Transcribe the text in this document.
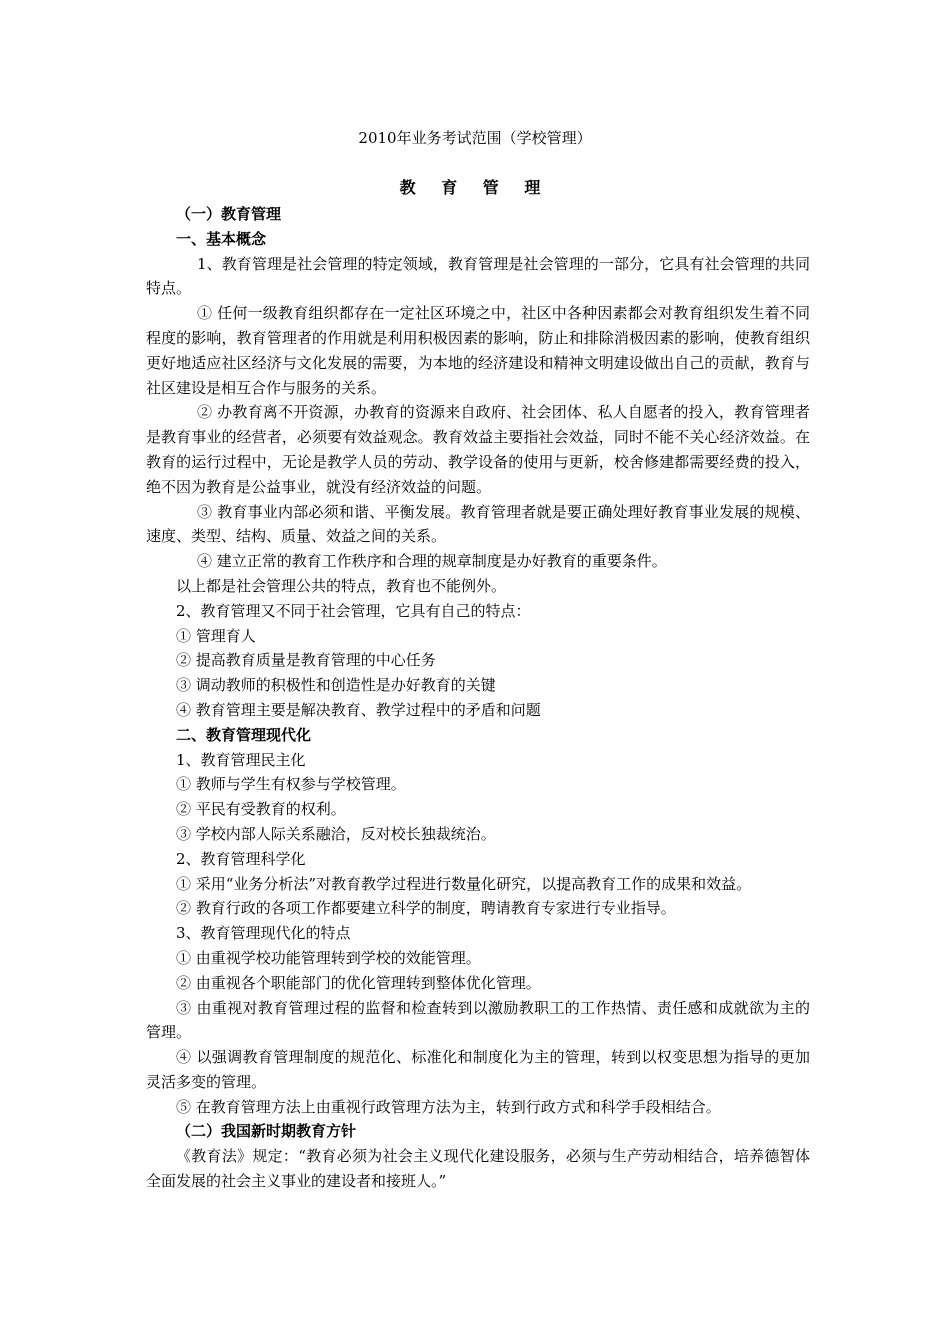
2010年业务考试范围（学校管理）
教 育 管 理

（一）教育管理

一、基本概念

1、教育管理是社会管理的特定领域，教育管理是社会管理的一部分，它具有社会管理的共同特点。

① 任何一级教育组织都存在一定社区环境之中，社区中各种因素都会对教育组织发生着不同程度的影响，教育管理者的作用就是利用积极因素的影响，防止和排除消极因素的影响，使教育组织更好地适应社区经济与文化发展的需要，为本地的经济建设和精神文明建设做出自己的贡献，教育与社区建设是相互合作与服务的关系。

② 办教育离不开资源，办教育的资源来自政府、社会团体、私人自愿者的投入，教育管理者是教育事业的经营者，必须要有效益观念。教育效益主要指社会效益，同时不能不关心经济效益。在教育的运行过程中，无论是教学人员的劳动、教学设备的使用与更新，校舍修建都需要经费的投入，绝不因为教育是公益事业，就没有经济效益的问题。

③ 教育事业内部必须和谐、平衡发展。教育管理者就是要正确处理好教育事业发展的规模、速度、类型、结构、质量、效益之间的关系。

④ 建立正常的教育工作秩序和合理的规章制度是办好教育的重要条件。

以上都是社会管理公共的特点，教育也不能例外。

2、教育管理又不同于社会管理，它具有自己的特点：

① 管理育人

② 提高教育质量是教育管理的中心任务

③ 调动教师的积极性和创造性是办好教育的关键

④ 教育管理主要是解决教育、教学过程中的矛盾和问题

二、教育管理现代化

1、教育管理民主化

① 教师与学生有权参与学校管理。

② 平民有受教育的权利。

③ 学校内部人际关系融洽，反对校长独裁统治。

2、教育管理科学化

① 采用“业务分析法”对教育教学过程进行数量化研究，以提高教育工作的成果和效益。

② 教育行政的各项工作都要建立科学的制度，聘请教育专家进行专业指导。

3、教育管理现代化的特点

① 由重视学校功能管理转到学校的效能管理。

② 由重视各个职能部门的优化管理转到整体优化管理。

③ 由重视对教育管理过程的监督和检查转到以激励教职工的工作热情、责任感和成就欲为主的管理。

④ 以强调教育管理制度的规范化、标准化和制度化为主的管理，转到以权变思想为指导的更加灵活多变的管理。

⑤ 在教育管理方法上由重视行政管理方法为主，转到行政方式和科学手段相结合。

（二）我国新时期教育方针

《教育法》规定：“教育必须为社会主义现代化建设服务，必须与生产劳动相结合，培养德智体全面发展的社会主义事业的建设者和接班人。”
